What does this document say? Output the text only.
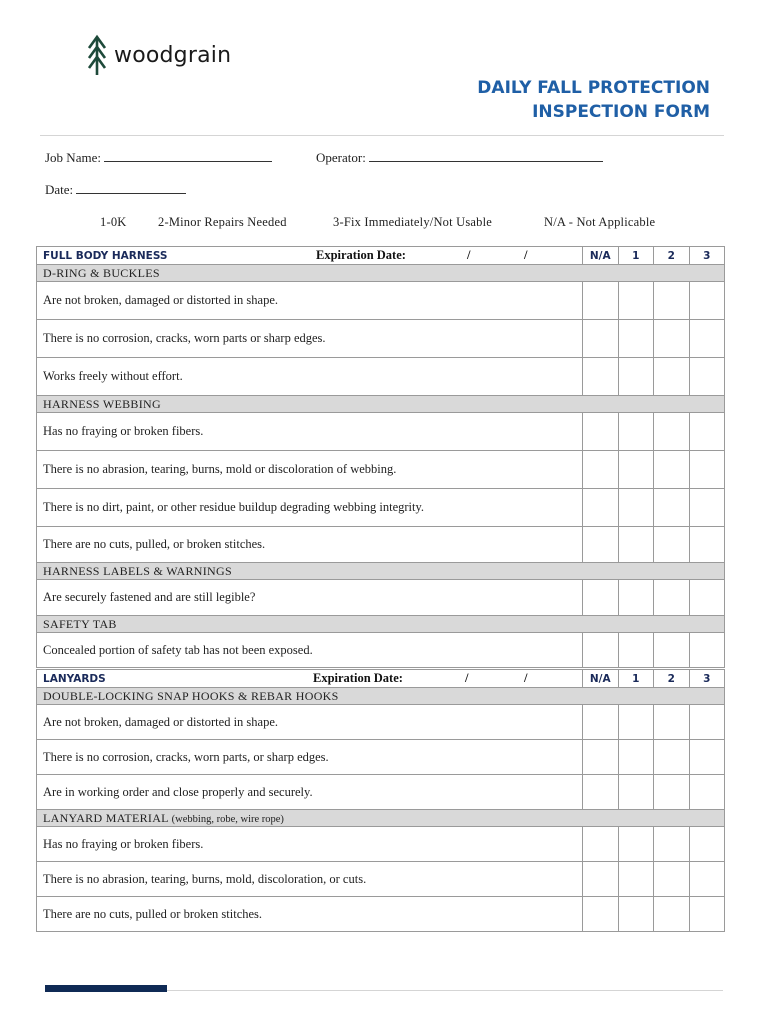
woodgrain
DAILY FALL PROTECTION
INSPECTION FORM
Job Name:	Operator:
Date:
1-0K	2-Minor Repairs Needed	3-Fix Immediately/Not Usable	N/A - Not Applicable
FULL BODY HARNESS Expiration Date: / /	N/A	1	2	3
D-RING & BUCKLES				
Are not broken, damaged or distorted in shape.				
There is no corrosion, cracks, worn parts or sharp edges.				
Works freely without effort.				
HARNESS WEBBING				
Has no fraying or broken fibers.				
There is no abrasion, tearing, burns, mold or discoloration of webbing.				
There is no dirt, paint, or other residue buildup degrading webbing integrity.				
There are no cuts, pulled, or broken stitches.				
HARNESS LABELS & WARNINGS				
Are securely fastened and are still legible?				
SAFETY TAB				
Concealed portion of safety tab has not been exposed.				
LANYARDS Expiration Date: / /	N/A	1	2	3
DOUBLE-LOCKING SNAP HOOKS & REBAR HOOKS				
Are not broken, damaged or distorted in shape.				
There is no corrosion, cracks, worn parts, or sharp edges.				
Are in working order and close properly and securely.				
LANYARD MATERIAL (webbing, robe, wire rope)				
Has no fraying or broken fibers.				
There is no abrasion, tearing, burns, mold, discoloration, or cuts.				
There are no cuts, pulled or broken stitches.				
